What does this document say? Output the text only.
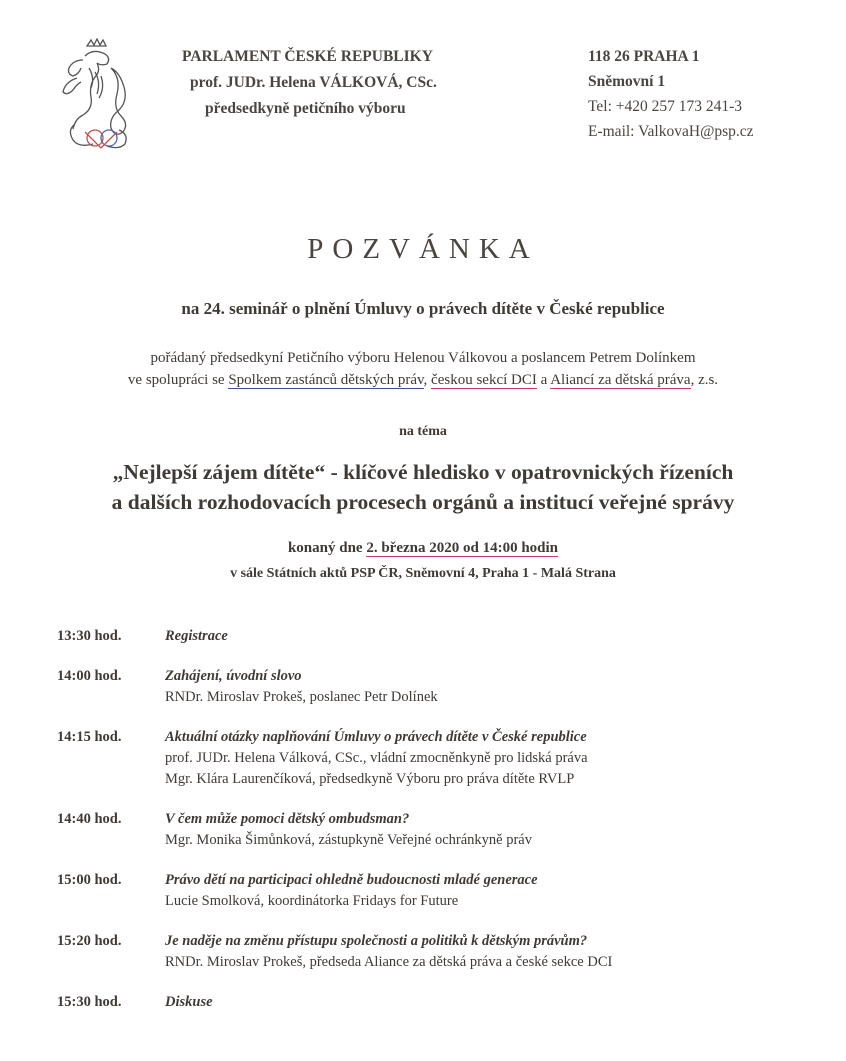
PARLAMENT ČESKÉ REPUBLIKY
prof. JUDr. Helena VÁLKOVÁ, CSc.
předsedkyně petičního výboru
118 26 PRAHA 1
Sněmovní 1
Tel: +420 257 173 241-3
E-mail: ValkovaH@psp.cz
POZVÁNKA
na 24. seminář o plnění Úmluvy o právech dítěte v České republice
pořádaný předsedkyní Petičního výboru Helenou Válkovou a poslancem Petrem Dolínkem
ve spolupráci se Spolkem zastánců dětských práv, českou sekcí DCI a Aliancí za dětská práva, z.s.
na téma
„Nejlepší zájem dítěte“ - klíčové hledisko v opatrovnických řízeních
a dalších rozhodovacích procesech orgánů a institucí veřejné správy
konaný dne 2. března 2020 od 14:00 hodin
v sále Státních aktů PSP ČR, Sněmovní 4, Praha 1 - Malá Strana
13:30 hod.	Registrace
14:00 hod.	Zahájení, úvodní slovo
RNDr. Miroslav Prokeš, poslanec Petr Dolínek
14:15 hod.	Aktuální otázky naplňování Úmluvy o právech dítěte v České republice
prof. JUDr. Helena Válková, CSc., vládní zmocněnkyně pro lidská práva
Mgr. Klára Laurenčíková, předsedkyně Výboru pro práva dítěte RVLP
14:40 hod.	V čem může pomoci dětský ombudsman?
Mgr. Monika Šimůnková, zástupkyně Veřejné ochránkyně práv
15:00 hod.	Právo dětí na participaci ohledně budoucnosti mladé generace
Lucie Smolková, koordinátorka Fridays for Future
15:20 hod.	Je naděje na změnu přístupu společnosti a politiků k dětským právům?
RNDr. Miroslav Prokeš, předseda Aliance za dětská práva a české sekce DCI
15:30 hod.	Diskuse
